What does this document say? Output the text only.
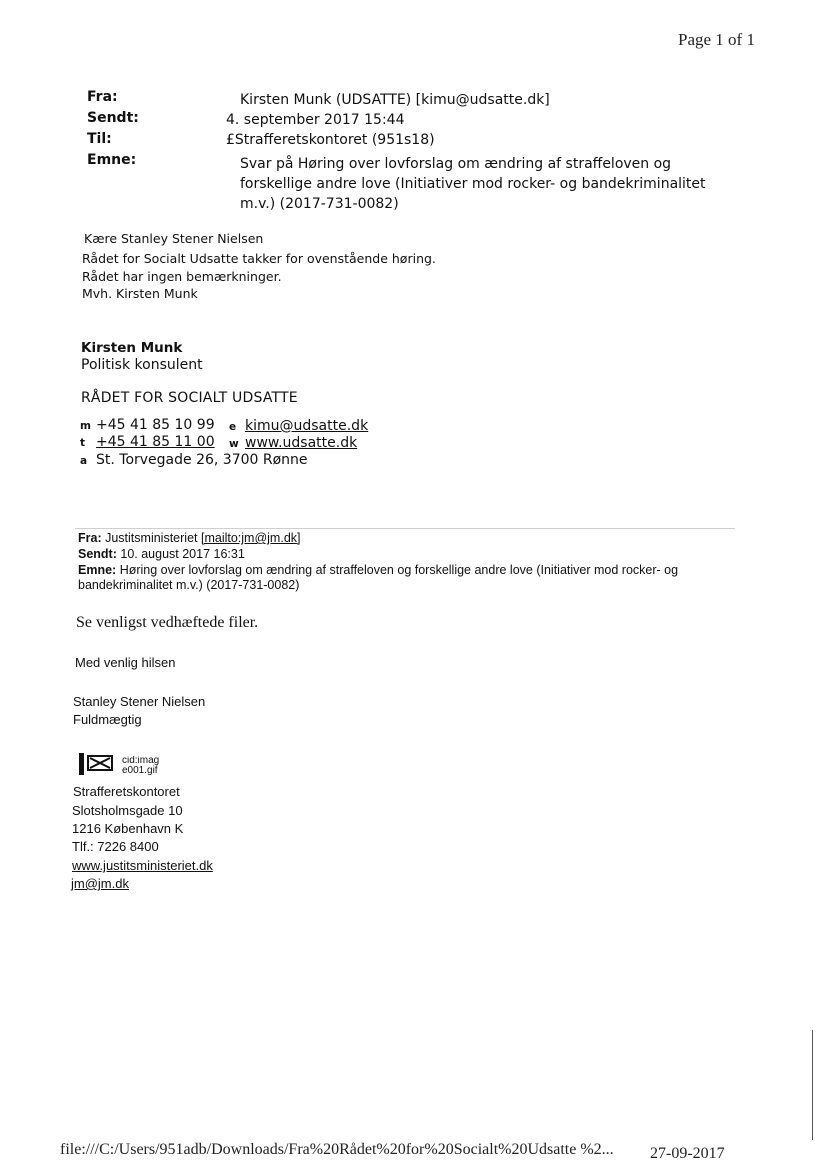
Page 1 of 1
Fra:
Sendt:
Til:
Emne:
Kirsten Munk (UDSATTE) [kimu@udsatte.dk]
4. september 2017 15:44
£Strafferetskontoret (951s18)
Svar på Høring over lovforslag om ændring af straffeloven og forskellige andre love (Initiativer mod rocker- og bandekriminalitet m.v.) (2017-731-0082)
Kære Stanley Stener Nielsen
Rådet for Socialt Udsatte takker for ovenstående høring.
Rådet har ingen bemærkninger.
Mvh. Kirsten Munk
Kirsten Munk
Politisk konsulent
RÅDET FOR SOCIALT UDSATTE
m +45 41 85 10 99 e kimu@udsatte.dk
t +45 41 85 11 00 w www.udsatte.dk
a St. Torvegade 26, 3700 Rønne
Fra: Justitsministeriet [mailto:jm@jm.dk]
Sendt: 10. august 2017 16:31
Emne: Høring over lovforslag om ændring af straffeloven og forskellige andre love (Initiativer mod rocker- og bandekriminalitet m.v.) (2017-731-0082)
Se venligst vedhæftede filer.
Med venlig hilsen
Stanley Stener Nielsen
Fuldmægtig
cid:imag e001.gif
Strafferetskontoret
Slotsholmsgade 10
1216 København K
Tlf.: 7226 8400
www.justitsministeriet.dk
jm@jm.dk
file:///C:/Users/951adb/Downloads/Fra%20Rådet%20for%20Socialt%20Udsatte %2... 27-09-2017
